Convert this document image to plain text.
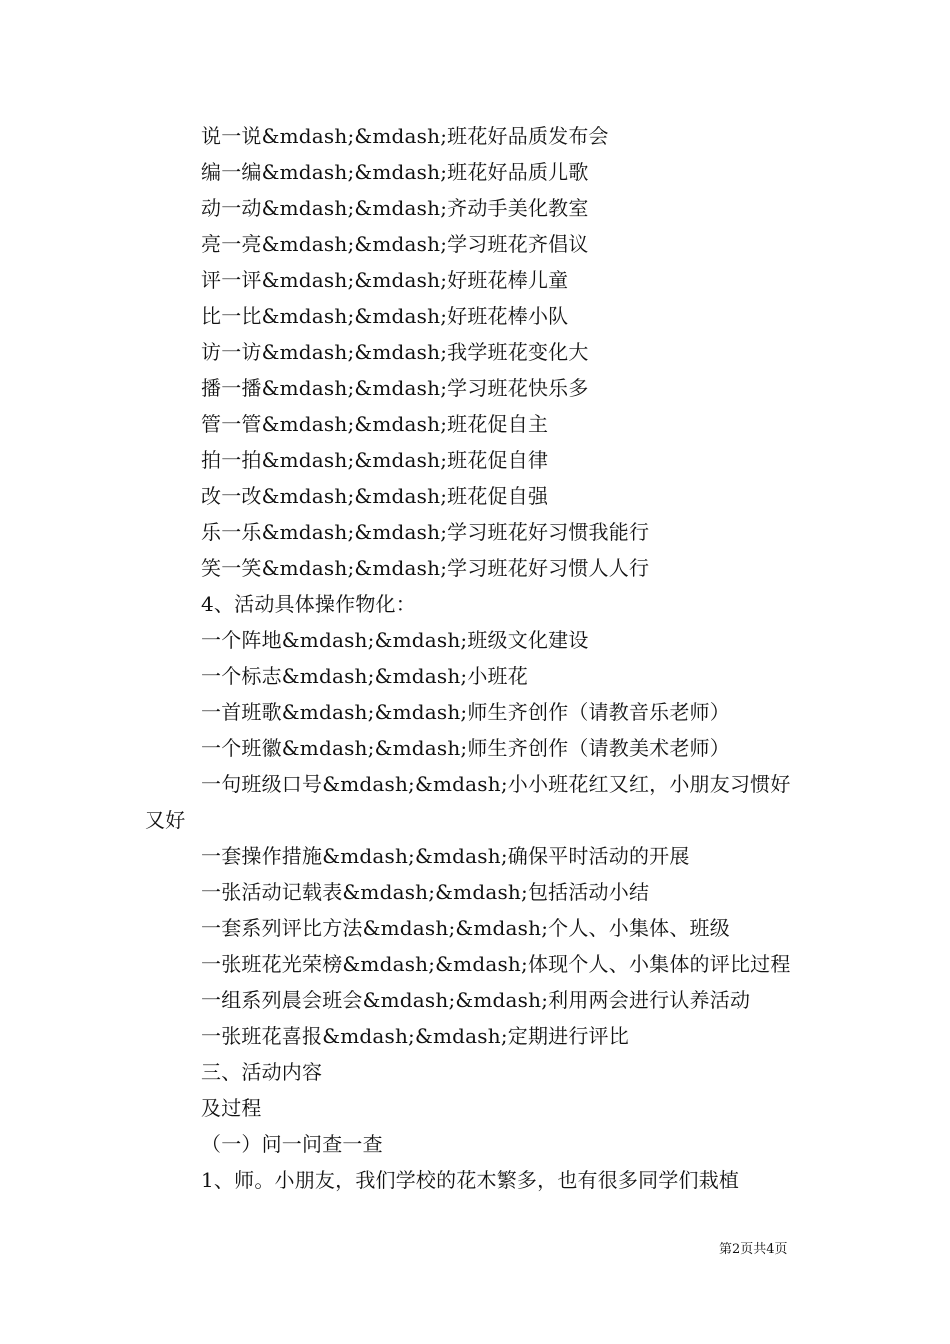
说一说&mdash;&mdash;班花好品质发布会
编一编&mdash;&mdash;班花好品质儿歌
动一动&mdash;&mdash;齐动手美化教室
亮一亮&mdash;&mdash;学习班花齐倡议
评一评&mdash;&mdash;好班花棒儿童
比一比&mdash;&mdash;好班花棒小队
访一访&mdash;&mdash;我学班花变化大
播一播&mdash;&mdash;学习班花快乐多
管一管&mdash;&mdash;班花促自主
拍一拍&mdash;&mdash;班花促自律
改一改&mdash;&mdash;班花促自强
乐一乐&mdash;&mdash;学习班花好习惯我能行
笑一笑&mdash;&mdash;学习班花好习惯人人行
4、活动具体操作物化：
一个阵地&mdash;&mdash;班级文化建设
一个标志&mdash;&mdash;小班花
一首班歌&mdash;&mdash;师生齐创作（请教音乐老师）
一个班徽&mdash;&mdash;师生齐创作（请教美术老师）
一句班级口号&mdash;&mdash;小小班花红又红，小朋友习惯好
又好
一套操作措施&mdash;&mdash;确保平时活动的开展
一张活动记载表&mdash;&mdash;包括活动小结
一套系列评比方法&mdash;&mdash;个人、小集体、班级
一张班花光荣榜&mdash;&mdash;体现个人、小集体的评比过程
一组系列晨会班会&mdash;&mdash;利用两会进行认养活动
一张班花喜报&mdash;&mdash;定期进行评比
三、活动内容
及过程
（一）问一问查一查
1、师。小朋友，我们学校的花木繁多，也有很多同学们栽植
第2页共4页
